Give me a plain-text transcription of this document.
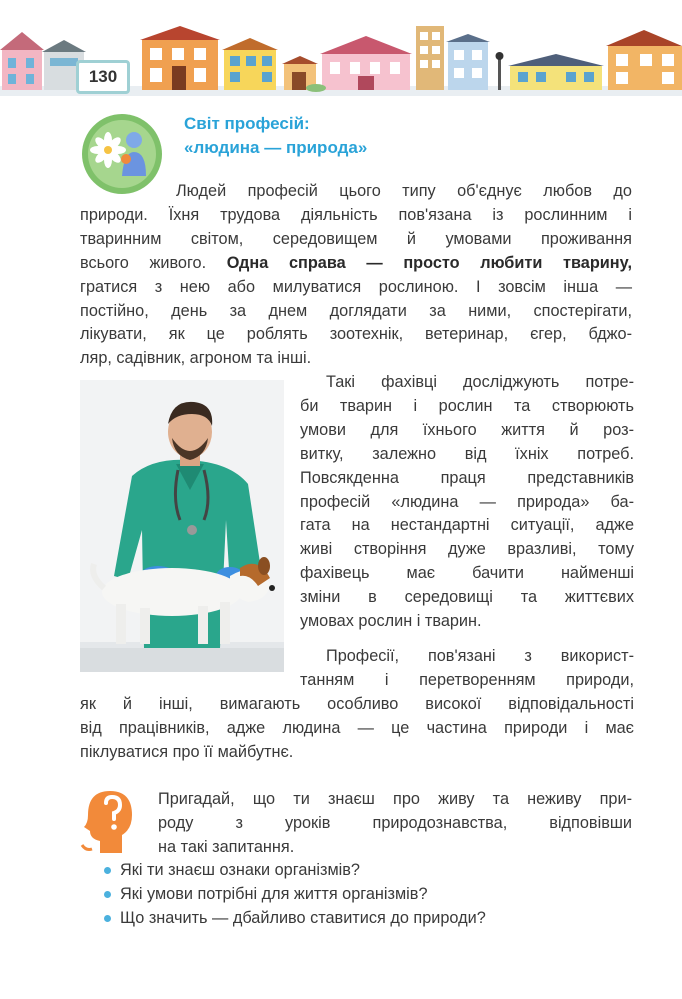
130
Світ професій:
«людина — природа»
Людей професій цього типу об'єднує любов до
природи. Їхня трудова діяльність пов'язана із рослинним і
тваринним світом, середовищем й умовами проживання
всього живого. Одна справа — просто любити тварину,
гратися з нею або милуватися рослиною. І зовсім інша —
постійно, день за днем доглядати за ними, спостерігати,
лікувати, як це роблять зоотехнік, ветеринар, єгер, бджо-
ляр, садівник, агроном та інші.
Такі фахівці досліджують потре-
би тварин і рослин та створюють
умови для їхнього життя й роз-
витку, залежно від їхніх потреб.
Повсякденна праця представників
професій «людина — природа» ба-
гата на нестандартні ситуації, адже
живі створіння дуже вразливі, тому
фахівець має бачити найменші
зміни в середовищі та життєвих
умовах рослин і тварин.
Професії, пов'язані з використ-
танням і перетворенням природи,
як й інші, вимагають особливо високої відповідальності
від працівників, адже людина — це частина природи і має
піклуватися про її майбутнє.
Пригадай, що ти знаєш про живу та неживу при-
роду з уроків природознавства, відповівши
на такі запитання.
Які ти знаєш ознаки організмів?
Які умови потрібні для життя організмів?
Що значить — дбайливо ставитися до природи?
